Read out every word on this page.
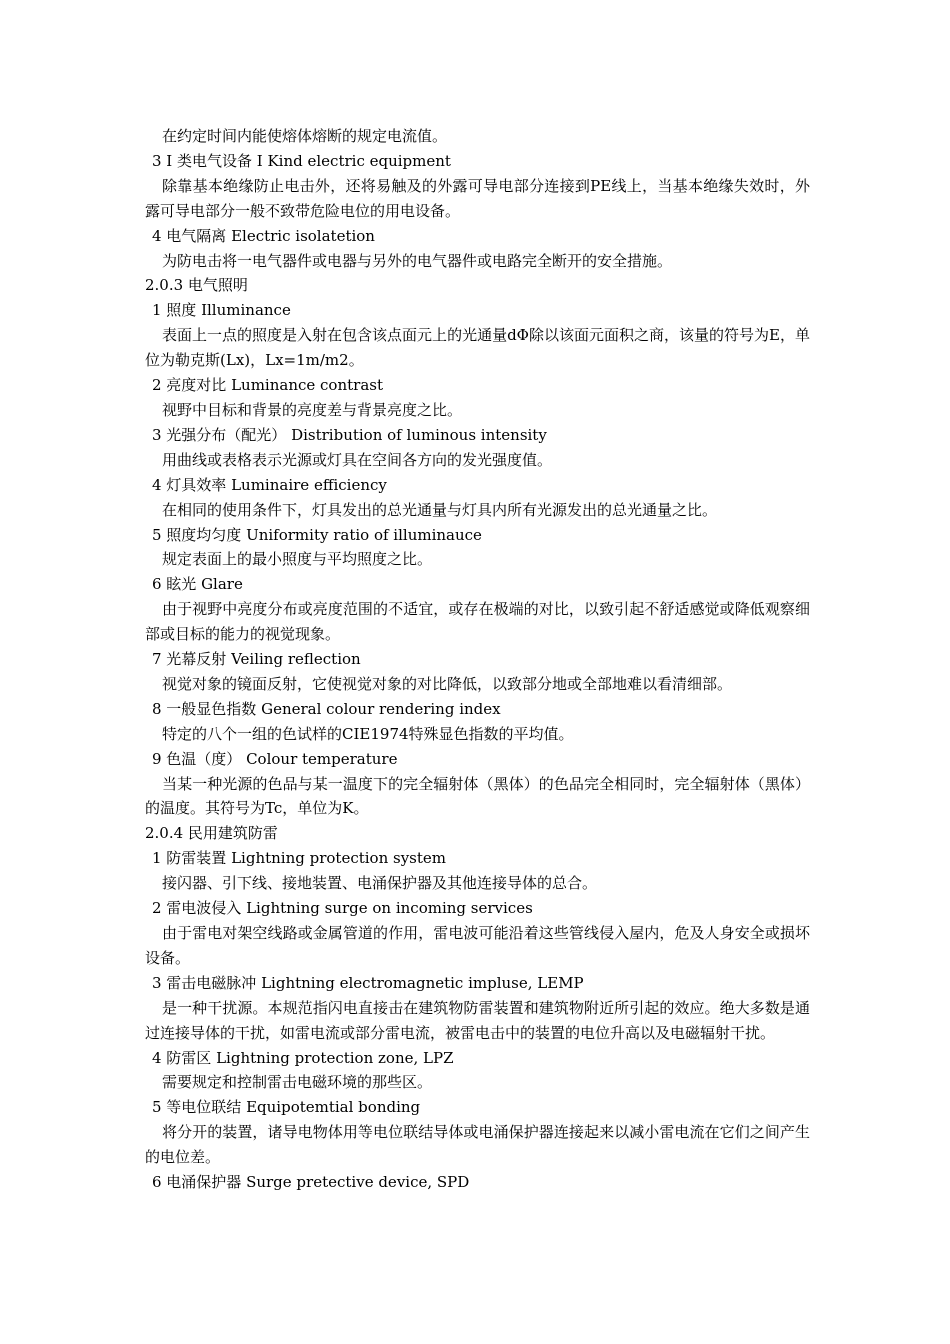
在约定时间内能使熔体熔断的规定电流值。
3 Ⅰ 类电气设备 I Kind electric equipment
除靠基本绝缘防止电击外，还将易触及的外露可导电部分连接到PE线上，当基本绝缘失效时，外露可导电部分一般不致带危险电位的用电设备。
4 电气隔离 Electric isolatetion
为防电击将一电气器件或电器与另外的电气器件或电路完全断开的安全措施。
2.0.3 电气照明
1 照度 Illuminance
表面上一点的照度是入射在包含该点面元上的光通量dΦ除以该面元面积之商，该量的符号为E，单位为勒克斯(Lx)，Lx=1m/m2。
2 亮度对比 Luminance contrast
视野中目标和背景的亮度差与背景亮度之比。
3 光强分布（配光） Distribution of luminous intensity
用曲线或表格表示光源或灯具在空间各方向的发光强度值。
4 灯具效率 Luminaire efficiency
在相同的使用条件下，灯具发出的总光通量与灯具内所有光源发出的总光通量之比。
5 照度均匀度 Uniformity ratio of illuminauce
规定表面上的最小照度与平均照度之比。
6 眩光 Glare
由于视野中亮度分布或亮度范围的不适宜，或存在极端的对比，以致引起不舒适感觉或降低观察细部或目标的能力的视觉现象。
7 光幕反射 Veiling reflection
视觉对象的镜面反射，它使视觉对象的对比降低，以致部分地或全部地难以看清细部。
8 一般显色指数 General colour rendering index
特定的八个一组的色试样的CIE1974特殊显色指数的平均值。
9 色温（度） Colour temperature
当某一种光源的色品与某一温度下的完全辐射体（黑体）的色品完全相同时，完全辐射体（黑体）的温度。其符号为Tc，单位为K。
2.0.4 民用建筑防雷
1 防雷装置 Lightning protection system
接闪器、引下线、接地装置、电涌保护器及其他连接导体的总合。
2 雷电波侵入 Lightning surge on incoming services
由于雷电对架空线路或金属管道的作用，雷电波可能沿着这些管线侵入屋内，危及人身安全或损坏设备。
3 雷击电磁脉冲 Lightning electromagnetic impluse, LEMP
是一种干扰源。本规范指闪电直接击在建筑物防雷装置和建筑物附近所引起的效应。绝大多数是通过连接导体的干扰，如雷电流或部分雷电流，被雷电击中的装置的电位升高以及电磁辐射干扰。
4 防雷区 Lightning protection zone, LPZ
需要规定和控制雷击电磁环境的那些区。
5 等电位联结 Equipotemtial bonding
将分开的装置，诸导电物体用等电位联结导体或电涌保护器连接起来以减小雷电流在它们之间产生的电位差。
6 电涌保护器 Surge pretective device, SPD
